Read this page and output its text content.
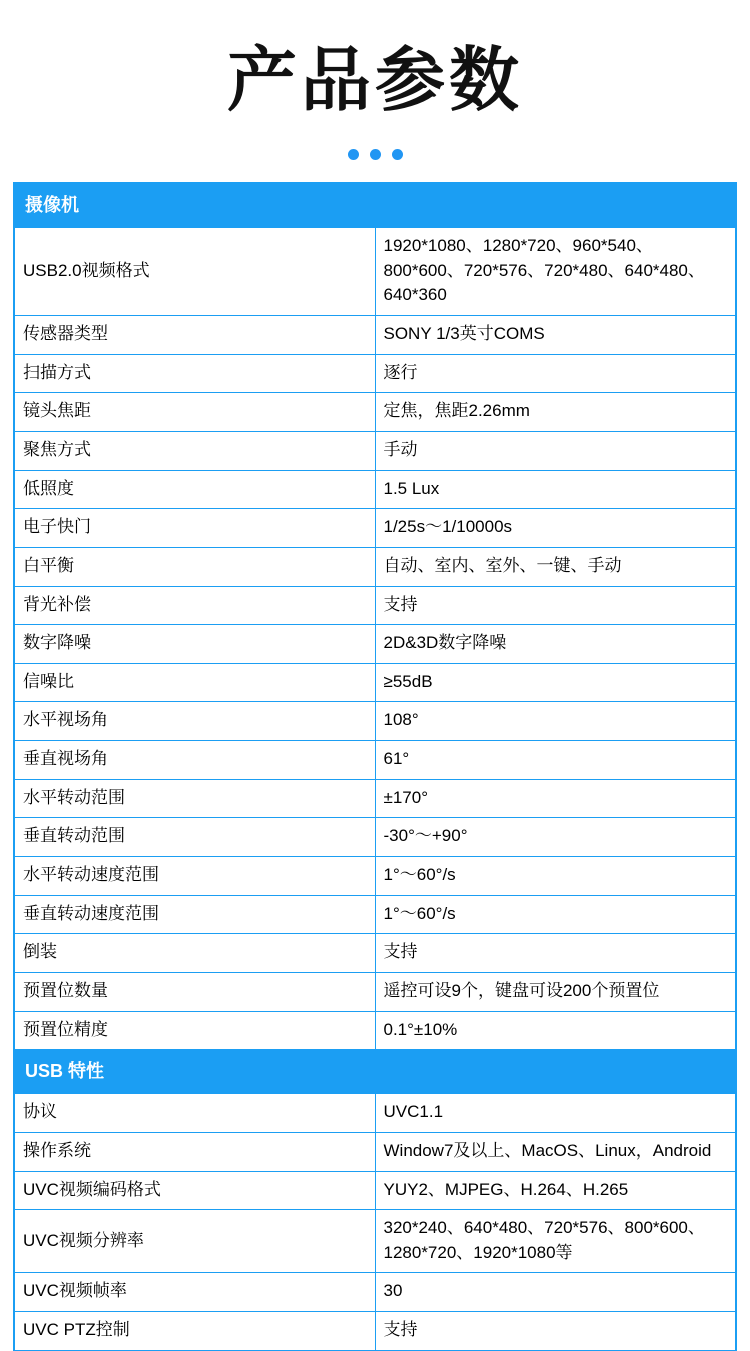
产品参数
摄像机	
USB2.0视频格式	1920*1080、1280*720、960*540、800*600、720*576、720*480、640*480、640*360
传感器类型	SONY 1/3英寸COMS
扫描方式	逐行
镜头焦距	定焦，焦距2.26mm
聚焦方式	手动
低照度	1.5 Lux
电子快门	1/25s～1/10000s
白平衡	自动、室内、室外、一键、手动
背光补偿	支持
数字降噪	2D&3D数字降噪
信噪比	≥55dB
水平视场角	108°
垂直视场角	61°
水平转动范围	±170°
垂直转动范围	-30°～+90°
水平转动速度范围	1°～60°/s
垂直转动速度范围	1°～60°/s
倒装	支持
预置位数量	遥控可设9个，键盘可设200个预置位
预置位精度	0.1°±10%
USB 特性	
协议	UVC1.1
操作系统	Window7及以上、MacOS、Linux，Android
UVC视频编码格式	YUY2、MJPEG、H.264、H.265
UVC视频分辨率	320*240、640*480、720*576、800*600、1280*720、1920*1080等
UVC视频帧率	30
UVC PTZ控制	支持
